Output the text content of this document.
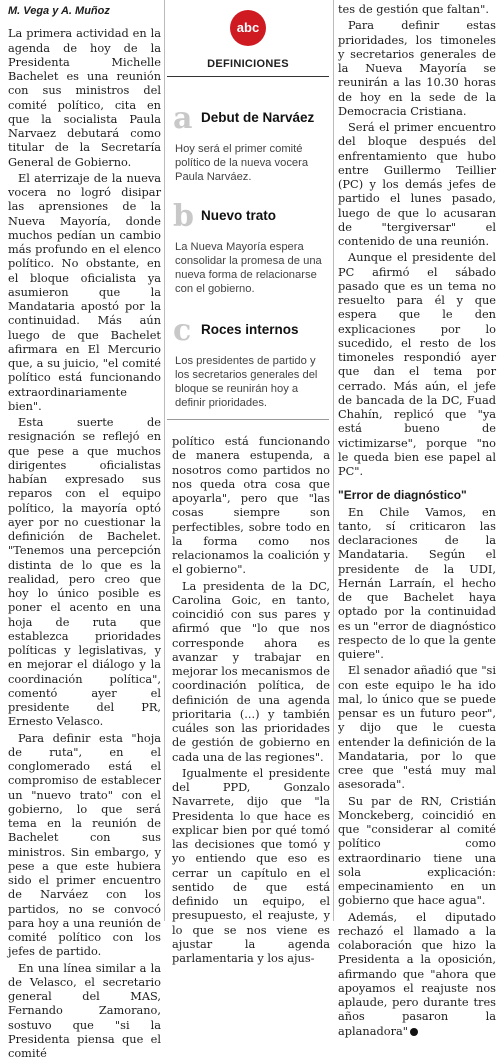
M. Vega y A. Muñoz

La primera actividad en la agenda de hoy de la Presidenta Michelle Bachelet es una reunión con sus ministros del comité político, cita en que la socialista Paula Narvaez debutará como titular de la Secretaría General de Gobierno.

El aterrizaje de la nueva vocera no logró disipar las aprensiones de la Nueva Mayoría, donde muchos pedían un cambio más profundo en el elenco político. No obstante, en el bloque oficialista ya asumieron que la Mandataria apostó por la continuidad. Más aún luego de que Bachelet afirmara en El Mercurio que, a su juicio, "el comité político está funcionando extraordinariamente bien".

Esta suerte de resignación se reflejó en que pese a que muchos dirigentes oficialistas habían expresado sus reparos con el equipo político, la mayoría optó ayer por no cuestionar la definición de Bachelet. "Tenemos una percepción distinta de lo que es la realidad, pero creo que hoy lo único posible es poner el acento en una hoja de ruta que establezca prioridades políticas y legislativas, y en mejorar el diálogo y la coordinación política", comentó ayer el presidente del PR, Ernesto Velasco.

Para definir esta "hoja de ruta", en el conglomerado está el compromiso de establecer un "nuevo trato" con el gobierno, lo que será tema en la reunión de Bachelet con sus ministros. Sin embargo, y pese a que este hubiera sido el primer encuentro de Narváez con los partidos, no se convocó para hoy a una reunión de comité político con los jefes de partido.

En una línea similar a la de Velasco, el secretario general del MAS, Fernando Zamorano, sostuvo que "si la Presidenta piensa que el comité

abc
DEFINICIONES
a Debut de Narváez
Hoy será el primer comité político de la nueva vocera Paula Narváez.
b Nuevo trato
La Nueva Mayoría espera consolidar la promesa de una nueva forma de relacionarse con el gobierno.
c Roces internos
Los presidentes de partido y los secretarios generales del bloque se reunirán hoy a definir prioridades.

político está funcionando de manera estupenda, a nosotros como partidos no nos queda otra cosa que apoyarla", pero que "las cosas siempre son perfectibles, sobre todo en la forma como nos relacionamos la coalición y el gobierno".

La presidenta de la DC, Carolina Goic, en tanto, coincidió con sus pares y afirmó que "lo que nos corresponde ahora es avanzar y trabajar en mejorar los mecanismos de coordinación política, de definición de una agenda prioritaria (...) y también cuáles son las prioridades de gestión de gobierno en cada una de las regiones".

Igualmente el presidente del PPD, Gonzalo Navarrete, dijo que "la Presidenta lo que hace es explicar bien por qué tomó las decisiones que tomó y yo entiendo que eso es cerrar un capítulo en el sentido de que está definido un equipo, el presupuesto, el reajuste, y lo que se nos viene es ajustar la agenda parlamentaria y los ajus-

tes de gestión que faltan".

Para definir estas prioridades, los timoneles y secretarios generales de la Nueva Mayoría se reunirán a las 10.30 horas de hoy en la sede de la Democracia Cristiana.

Será el primer encuentro del bloque después del enfrentamiento que hubo entre Guillermo Teillier (PC) y los demás jefes de partido el lunes pasado, luego de que lo acusaran de "tergiversar" el contenido de una reunión.

Aunque el presidente del PC afirmó el sábado pasado que es un tema no resuelto para él y que espera que le den explicaciones por lo sucedido, el resto de los timoneles respondió ayer que dan el tema por cerrado. Más aún, el jefe de bancada de la DC, Fuad Chahín, replicó que "ya está bueno de victimizarse", porque "no le queda bien ese papel al PC".

"Error de diagnóstico"

En Chile Vamos, en tanto, sí criticaron las declaraciones de la Mandataria. Según el presidente de la UDI, Hernán Larraín, el hecho de que Bachelet haya optado por la continuidad es un "error de diagnóstico respecto de lo que la gente quiere".

El senador añadió que "si con este equipo le ha ido mal, lo único que se puede pensar es un futuro peor", y dijo que le cuesta entender la definición de la Mandataria, por lo que cree que "está muy mal asesorada".

Su par de RN, Cristián Monckeberg, coincidió en que "considerar al comité político como extraordinario tiene una sola explicación: empecinamiento en un gobierno que hace agua".

Además, el diputado rechazó el llamado a la colaboración que hizo la Presidenta a la oposición, afirmando que "ahora que apoyamos el reajuste nos aplaude, pero durante tres años pasaron la aplanadora"
